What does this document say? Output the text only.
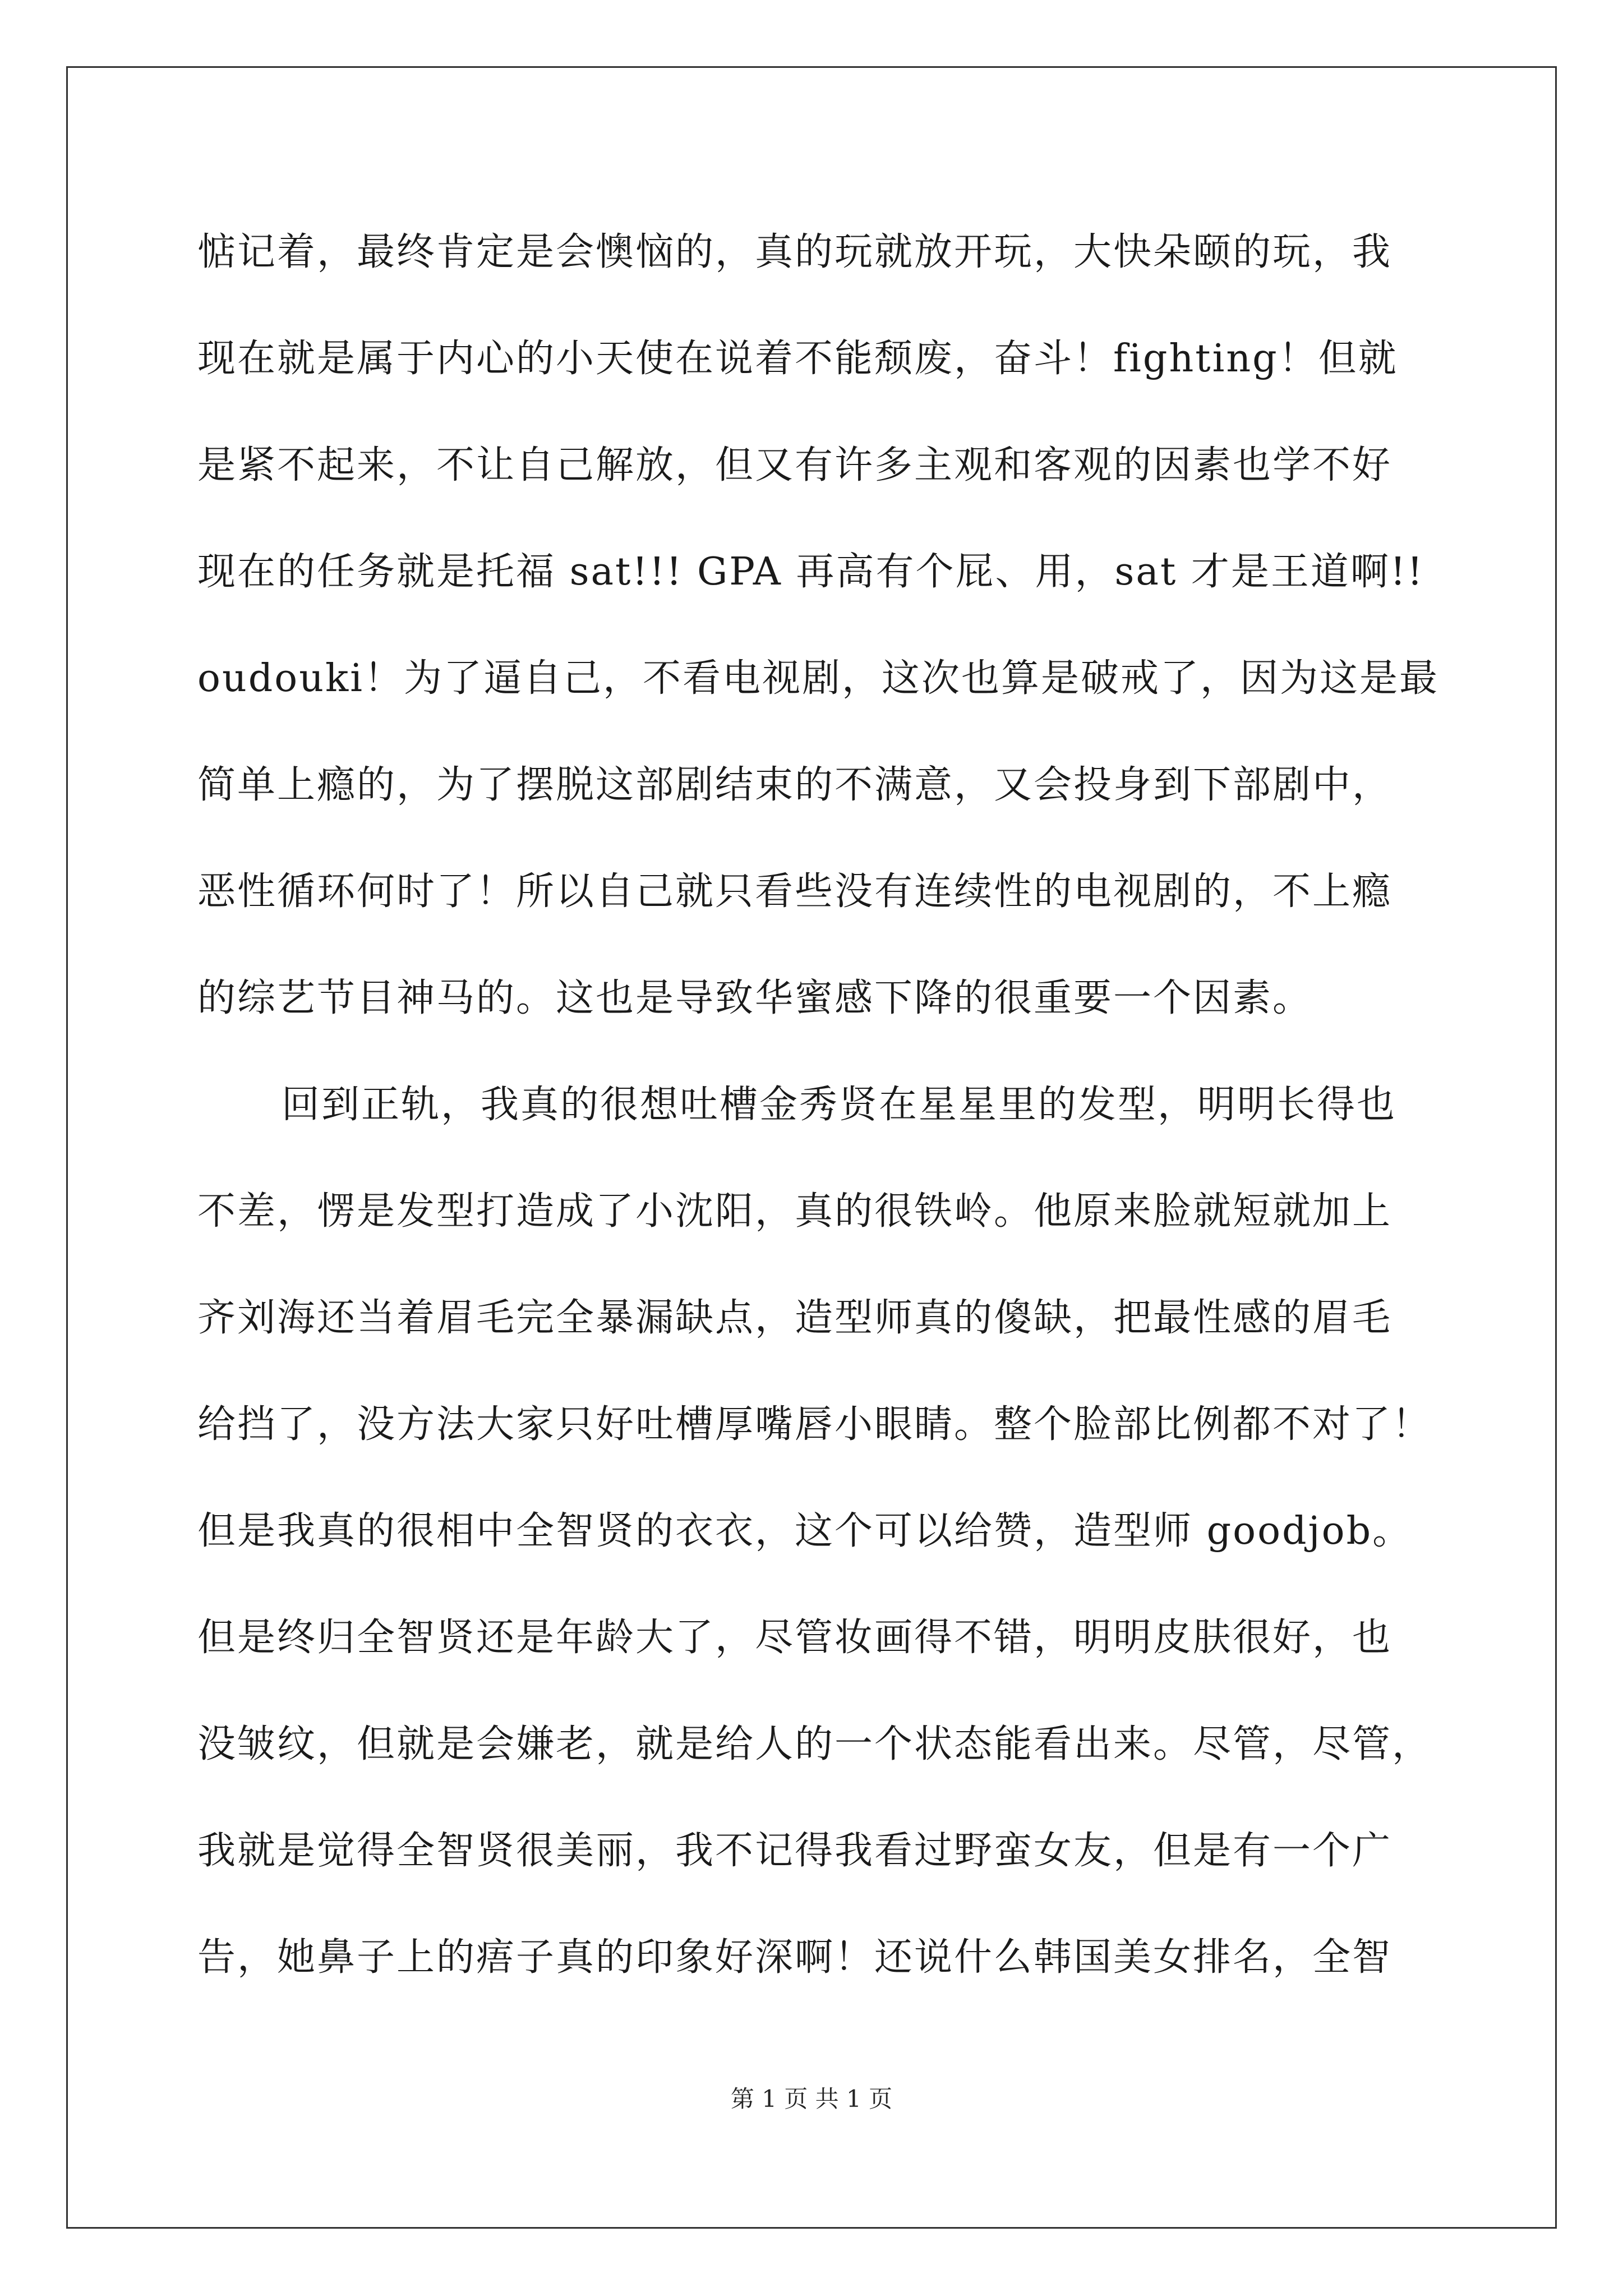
惦记着，最终肯定是会懊恼的，真的玩就放开玩，大快朵颐的玩，我
现在就是属于内心的小天使在说着不能颓废，奋斗！fighting！但就
是紧不起来，不让自己解放，但又有许多主观和客观的因素也学不好
现在的任务就是托福 sat!!! GPA 再高有个屁、用，sat 才是王道啊!!
oudouki！为了逼自己，不看电视剧，这次也算是破戒了，因为这是最
简单上瘾的，为了摆脱这部剧结束的不满意，又会投身到下部剧中，
恶性循环何时了！所以自己就只看些没有连续性的电视剧的，不上瘾
的综艺节目神马的。这也是导致华蜜感下降的很重要一个因素。
回到正轨，我真的很想吐槽金秀贤在星星里的发型，明明长得也
不差，愣是发型打造成了小沈阳，真的很铁岭。他原来脸就短就加上
齐刘海还当着眉毛完全暴漏缺点，造型师真的傻缺，把最性感的眉毛
给挡了，没方法大家只好吐槽厚嘴唇小眼睛。整个脸部比例都不对了！
但是我真的很相中全智贤的衣衣，这个可以给赞，造型师 goodjob。
但是终归全智贤还是年龄大了，尽管妆画得不错，明明皮肤很好，也
没皱纹，但就是会嫌老，就是给人的一个状态能看出来。尽管，尽管，
我就是觉得全智贤很美丽，我不记得我看过野蛮女友，但是有一个广
告，她鼻子上的痦子真的印象好深啊！还说什么韩国美女排名，全智
第 1 页 共 1 页
